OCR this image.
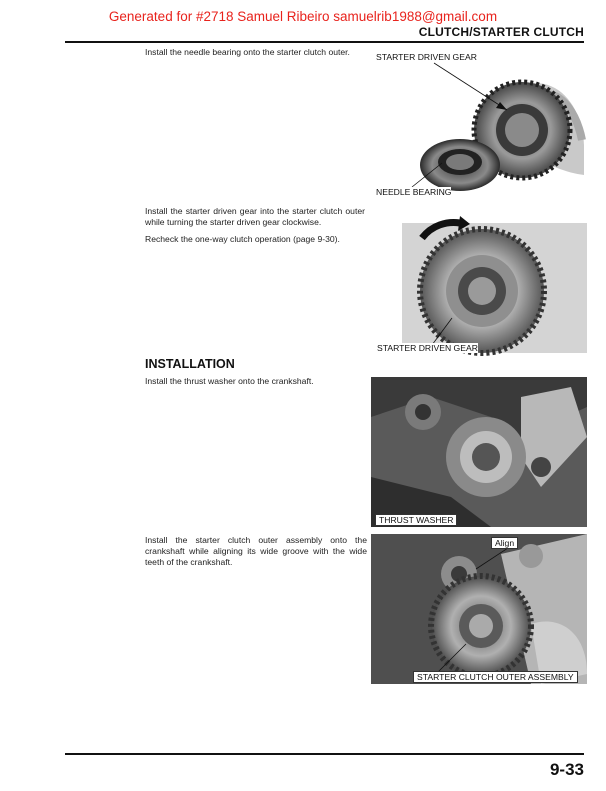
Generated for #2718 Samuel Ribeiro samuelrib1988@gmail.com
CLUTCH/STARTER CLUTCH

Install the needle bearing onto the starter clutch outer.

Install the starter driven gear into the starter clutch outer while turning the starter driven gear clockwise.

Recheck the one-way clutch operation (page 9-30).

INSTALLATION

Install the thrust washer onto the crankshaft.

Install the starter clutch outer assembly onto the crankshaft while aligning its wide groove with the wide teeth of the crankshaft.

STARTER DRIVEN GEAR
NEEDLE BEARING
STARTER DRIVEN GEAR
THRUST WASHER
Align
STARTER CLUTCH OUTER ASSEMBLY
9-33
